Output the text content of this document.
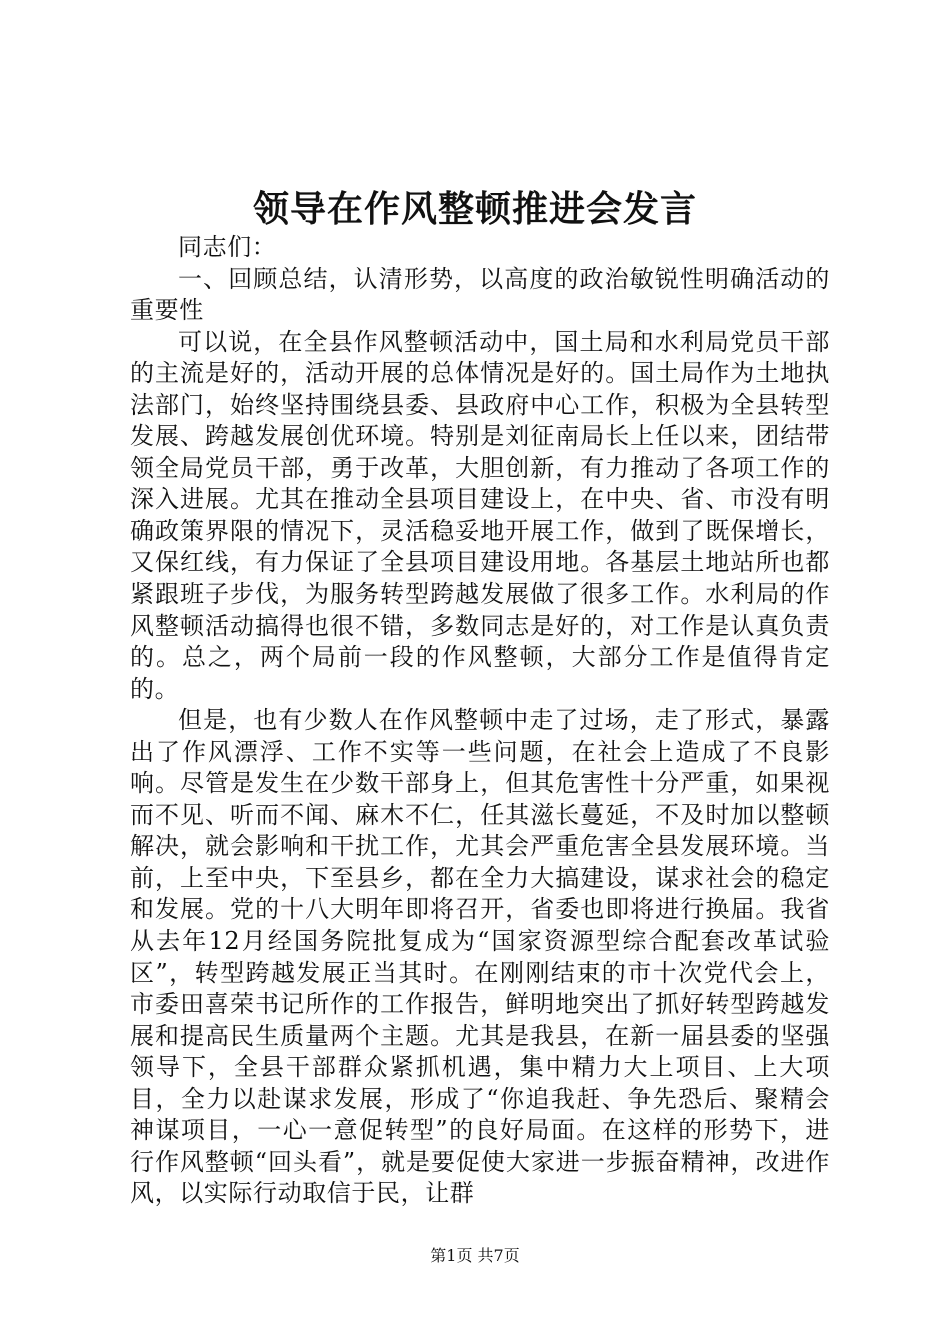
领导在作风整顿推进会发言

同志们：

一、回顾总结，认清形势，以高度的政治敏锐性明确活动的重要性

可以说，在全县作风整顿活动中，国土局和水利局党员干部的主流是好的，活动开展的总体情况是好的。国土局作为土地执法部门，始终坚持围绕县委、县政府中心工作，积极为全县转型发展、跨越发展创优环境。特别是刘征南局长上任以来，团结带领全局党员干部，勇于改革，大胆创新，有力推动了各项工作的深入进展。尤其在推动全县项目建设上，在中央、省、市没有明确政策界限的情况下，灵活稳妥地开展工作，做到了既保增长，又保红线，有力保证了全县项目建设用地。各基层土地站所也都紧跟班子步伐，为服务转型跨越发展做了很多工作。水利局的作风整顿活动搞得也很不错，多数同志是好的，对工作是认真负责的。总之，两个局前一段的作风整顿，大部分工作是值得肯定的。

但是，也有少数人在作风整顿中走了过场，走了形式，暴露出了作风漂浮、工作不实等一些问题，在社会上造成了不良影响。尽管是发生在少数干部身上，但其危害性十分严重，如果视而不见、听而不闻、麻木不仁，任其滋长蔓延，不及时加以整顿解决，就会影响和干扰工作，尤其会严重危害全县发展环境。当前，上至中央，下至县乡，都在全力大搞建设，谋求社会的稳定和发展。党的十八大明年即将召开，省委也即将进行换届。我省从去年12月经国务院批复成为“国家资源型综合配套改革试验区”，转型跨越发展正当其时。在刚刚结束的市十次党代会上，市委田喜荣书记所作的工作报告，鲜明地突出了抓好转型跨越发展和提高民生质量两个主题。尤其是我县，在新一届县委的坚强领导下，全县干部群众紧抓机遇，集中精力大上项目、上大项目，全力以赴谋求发展，形成了“你追我赶、争先恐后、聚精会神谋项目，一心一意促转型”的良好局面。在这样的形势下，进行作风整顿“回头看”，就是要促使大家进一步振奋精神，改进作风，以实际行动取信于民，让群

第1页 共7页
